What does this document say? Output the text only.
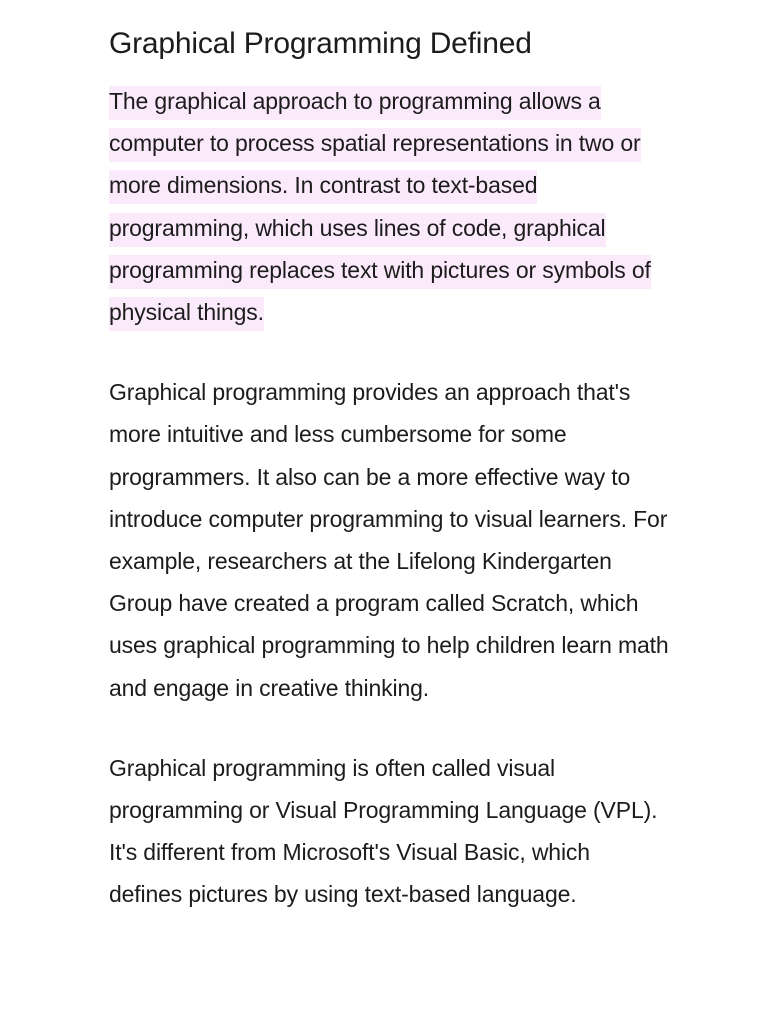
Graphical Programming Defined

The graphical approach to programming allows a computer to process spatial representations in two or more dimensions. In contrast to text-based programming, which uses lines of code, graphical programming replaces text with pictures or symbols of physical things.

Graphical programming provides an approach that's more intuitive and less cumbersome for some programmers. It also can be a more effective way to introduce computer programming to visual learners. For example, researchers at the Lifelong Kindergarten Group have created a program called Scratch, which uses graphical programming to help children learn math and engage in creative thinking.

Graphical programming is often called visual programming or Visual Programming Language (VPL). It's different from Microsoft's Visual Basic, which defines pictures by using text-based language.
